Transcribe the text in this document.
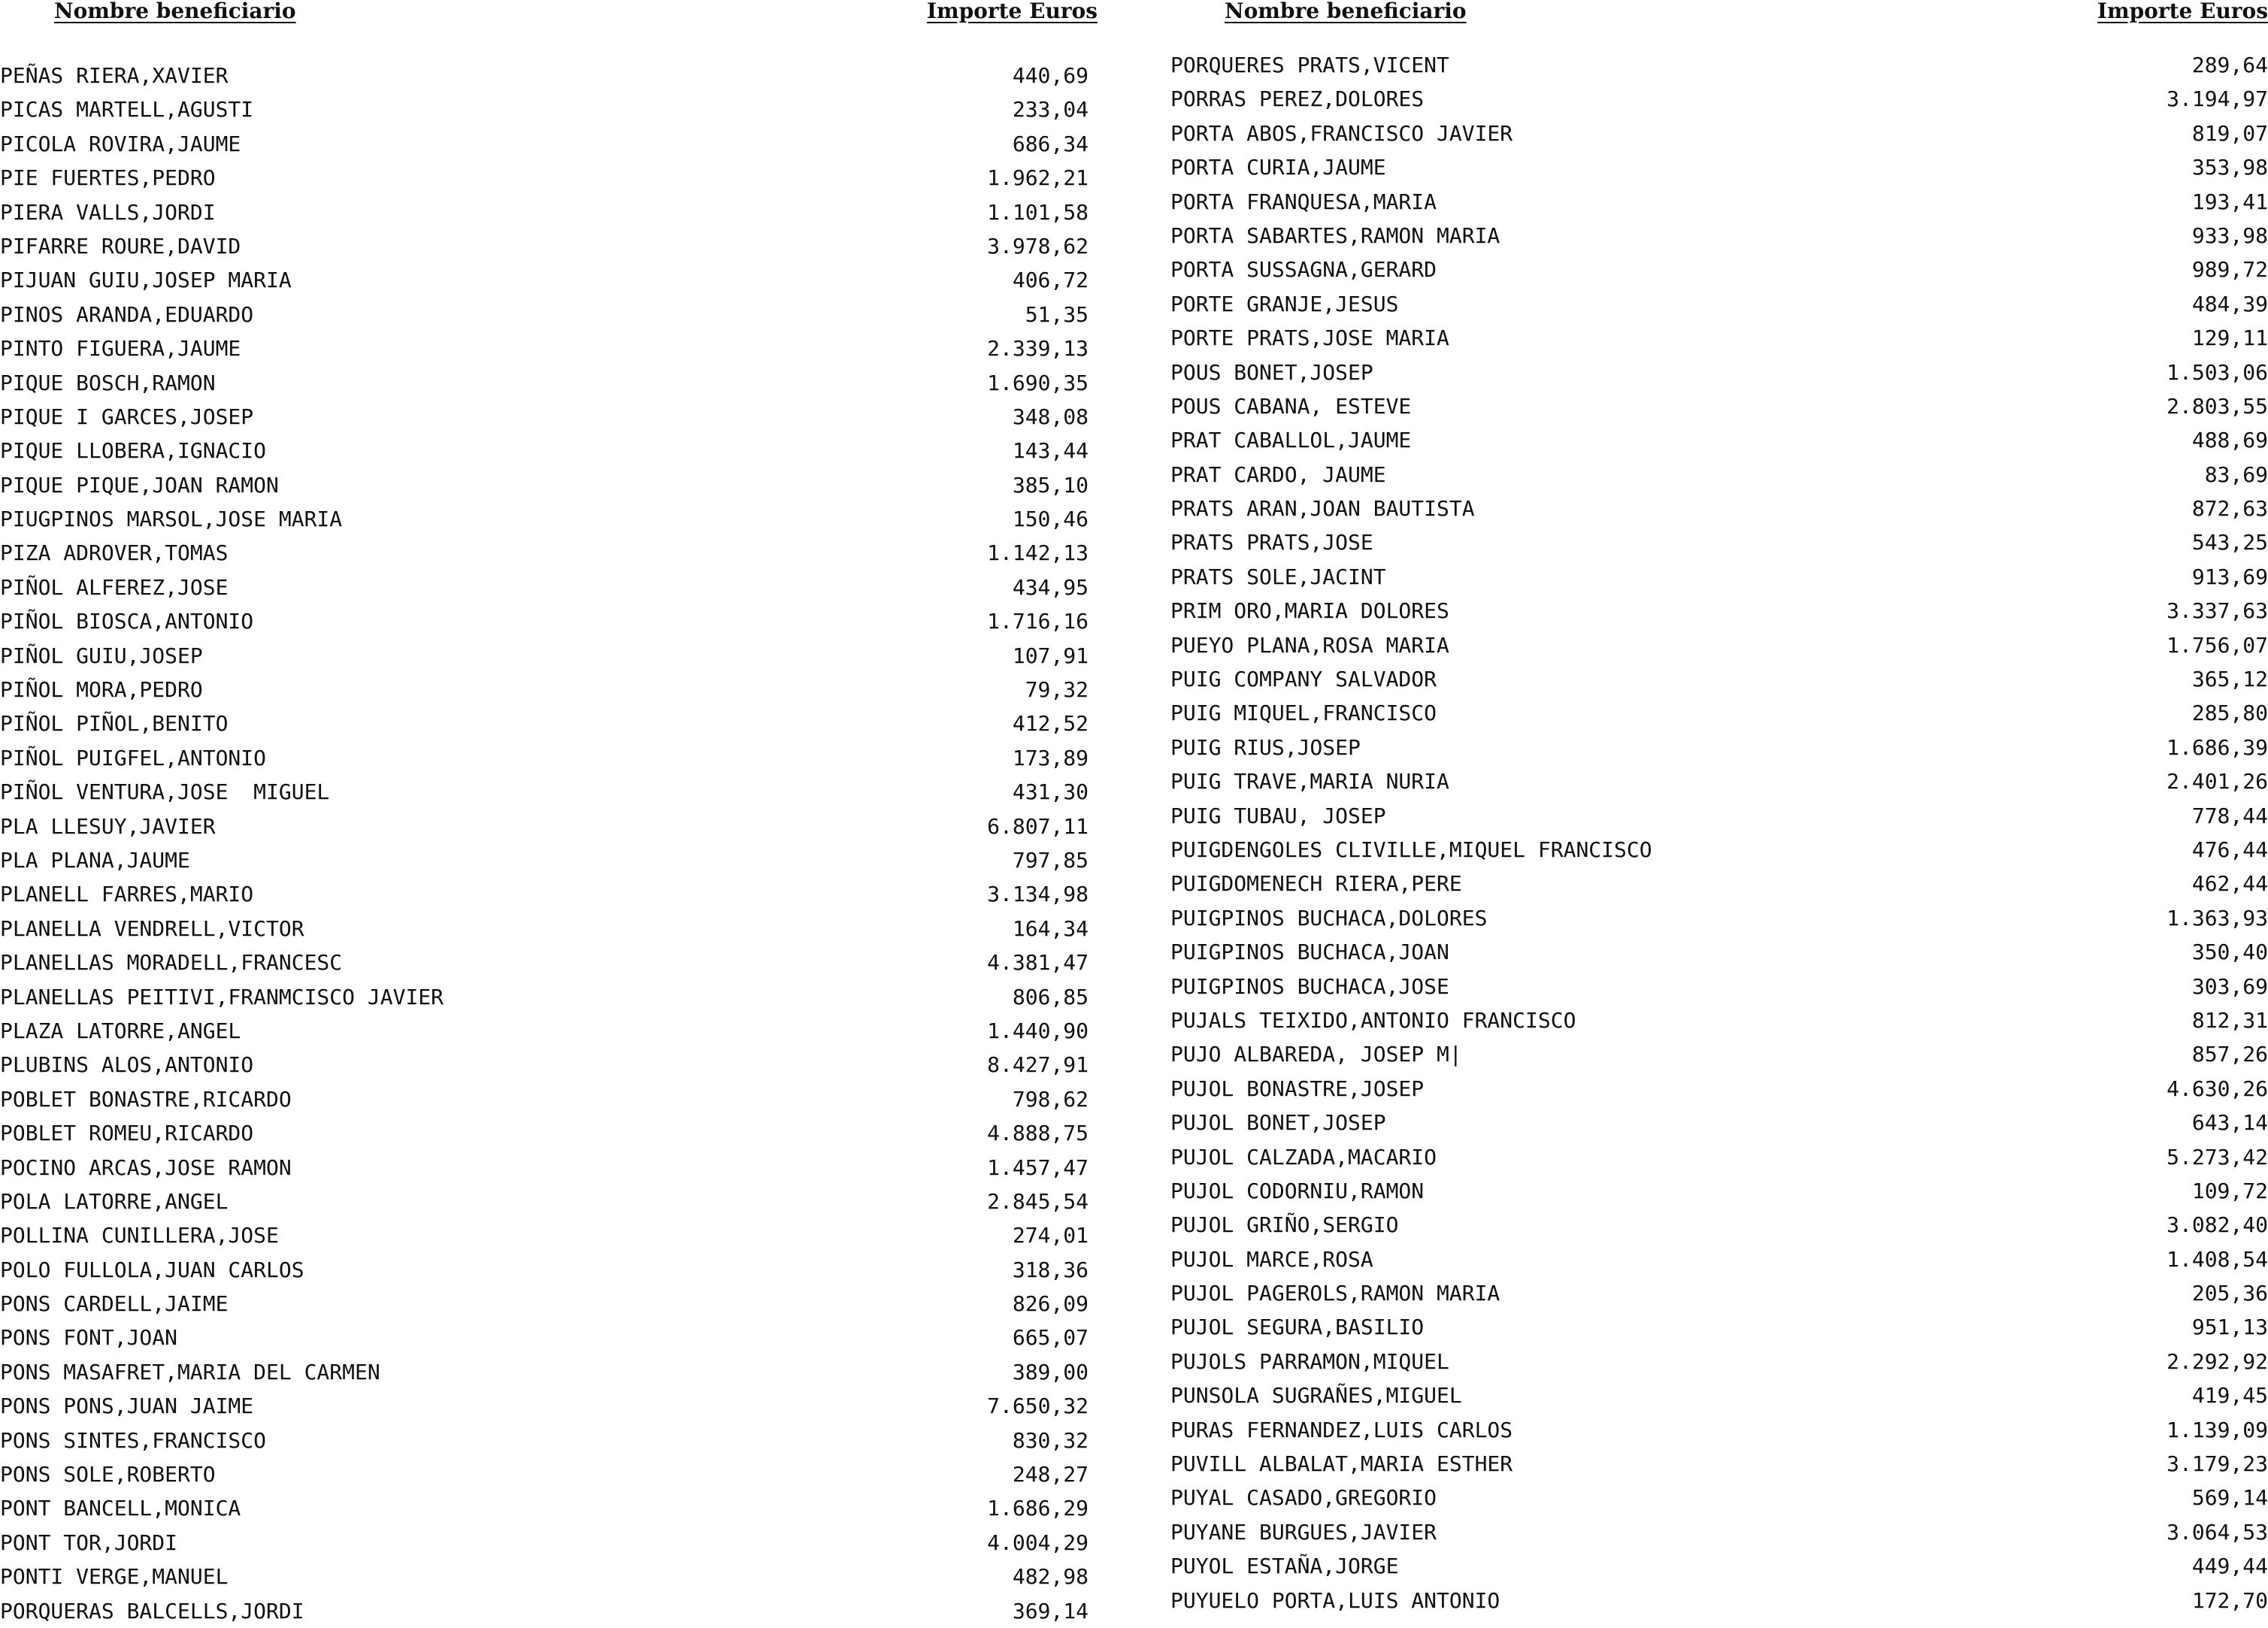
Nombre beneficiario	Importe Euros
PEÑAS RIERA,XAVIER	440,69
PICAS MARTELL,AGUSTI	233,04
PICOLA ROVIRA,JAUME	686,34
PIE FUERTES,PEDRO	1.962,21
PIERA VALLS,JORDI	1.101,58
PIFARRE ROURE,DAVID	3.978,62
PIJUAN GUIU,JOSEP MARIA	406,72
PINOS ARANDA,EDUARDO	51,35
PINTO FIGUERA,JAUME	2.339,13
PIQUE BOSCH,RAMON	1.690,35
PIQUE I GARCES,JOSEP	348,08
PIQUE LLOBERA,IGNACIO	143,44
PIQUE PIQUE,JOAN RAMON	385,10
PIUGPINOS MARSOL,JOSE MARIA	150,46
PIZA ADROVER,TOMAS	1.142,13
PIÑOL ALFEREZ,JOSE	434,95
PIÑOL BIOSCA,ANTONIO	1.716,16
PIÑOL GUIU,JOSEP	107,91
PIÑOL MORA,PEDRO	79,32
PIÑOL PIÑOL,BENITO	412,52
PIÑOL PUIGFEL,ANTONIO	173,89
PIÑOL VENTURA,JOSE  MIGUEL	431,30
PLA LLESUY,JAVIER	6.807,11
PLA PLANA,JAUME	797,85
PLANELL FARRES,MARIO	3.134,98
PLANELLA VENDRELL,VICTOR	164,34
PLANELLAS MORADELL,FRANCESC	4.381,47
PLANELLAS PEITIVI,FRANMCISCO JAVIER	806,85
PLAZA LATORRE,ANGEL	1.440,90
PLUBINS ALOS,ANTONIO	8.427,91
POBLET BONASTRE,RICARDO	798,62
POBLET ROMEU,RICARDO	4.888,75
POCINO ARCAS,JOSE RAMON	1.457,47
POLA LATORRE,ANGEL	2.845,54
POLLINA CUNILLERA,JOSE	274,01
POLO FULLOLA,JUAN CARLOS	318,36
PONS CARDELL,JAIME	826,09
PONS FONT,JOAN	665,07
PONS MASAFRET,MARIA DEL CARMEN	389,00
PONS PONS,JUAN JAIME	7.650,32
PONS SINTES,FRANCISCO	830,32
PONS SOLE,ROBERTO	248,27
PONT BANCELL,MONICA	1.686,29
PONT TOR,JORDI	4.004,29
PONTI VERGE,MANUEL	482,98
PORQUERAS BALCELLS,JORDI	369,14
Nombre beneficiario	Importe Euros
PORQUERES PRATS,VICENT	289,64
PORRAS PEREZ,DOLORES	3.194,97
PORTA ABOS,FRANCISCO JAVIER	819,07
PORTA CURIA,JAUME	353,98
PORTA FRANQUESA,MARIA	193,41
PORTA SABARTES,RAMON MARIA	933,98
PORTA SUSSAGNA,GERARD	989,72
PORTE GRANJE,JESUS	484,39
PORTE PRATS,JOSE MARIA	129,11
POUS BONET,JOSEP	1.503,06
POUS CABANA, ESTEVE	2.803,55
PRAT CABALLOL,JAUME	488,69
PRAT CARDO, JAUME	83,69
PRATS ARAN,JOAN BAUTISTA	872,63
PRATS PRATS,JOSE	543,25
PRATS SOLE,JACINT	913,69
PRIM ORO,MARIA DOLORES	3.337,63
PUEYO PLANA,ROSA MARIA	1.756,07
PUIG COMPANY SALVADOR	365,12
PUIG MIQUEL,FRANCISCO	285,80
PUIG RIUS,JOSEP	1.686,39
PUIG TRAVE,MARIA NURIA	2.401,26
PUIG TUBAU, JOSEP	778,44
PUIGDENGOLES CLIVILLE,MIQUEL FRANCISCO	476,44
PUIGDOMENECH RIERA,PERE	462,44
PUIGPINOS BUCHACA,DOLORES	1.363,93
PUIGPINOS BUCHACA,JOAN	350,40
PUIGPINOS BUCHACA,JOSE	303,69
PUJALS TEIXIDO,ANTONIO FRANCISCO	812,31
PUJO ALBAREDA, JOSEP M|	857,26
PUJOL BONASTRE,JOSEP	4.630,26
PUJOL BONET,JOSEP	643,14
PUJOL CALZADA,MACARIO	5.273,42
PUJOL CODORNIU,RAMON	109,72
PUJOL GRIÑO,SERGIO	3.082,40
PUJOL MARCE,ROSA	1.408,54
PUJOL PAGEROLS,RAMON MARIA	205,36
PUJOL SEGURA,BASILIO	951,13
PUJOLS PARRAMON,MIQUEL	2.292,92
PUNSOLA SUGRAÑES,MIGUEL	419,45
PURAS FERNANDEZ,LUIS CARLOS	1.139,09
PUVILL ALBALAT,MARIA ESTHER	3.179,23
PUYAL CASADO,GREGORIO	569,14
PUYANE BURGUES,JAVIER	3.064,53
PUYOL ESTAÑA,JORGE	449,44
PUYUELO PORTA,LUIS ANTONIO	172,70
